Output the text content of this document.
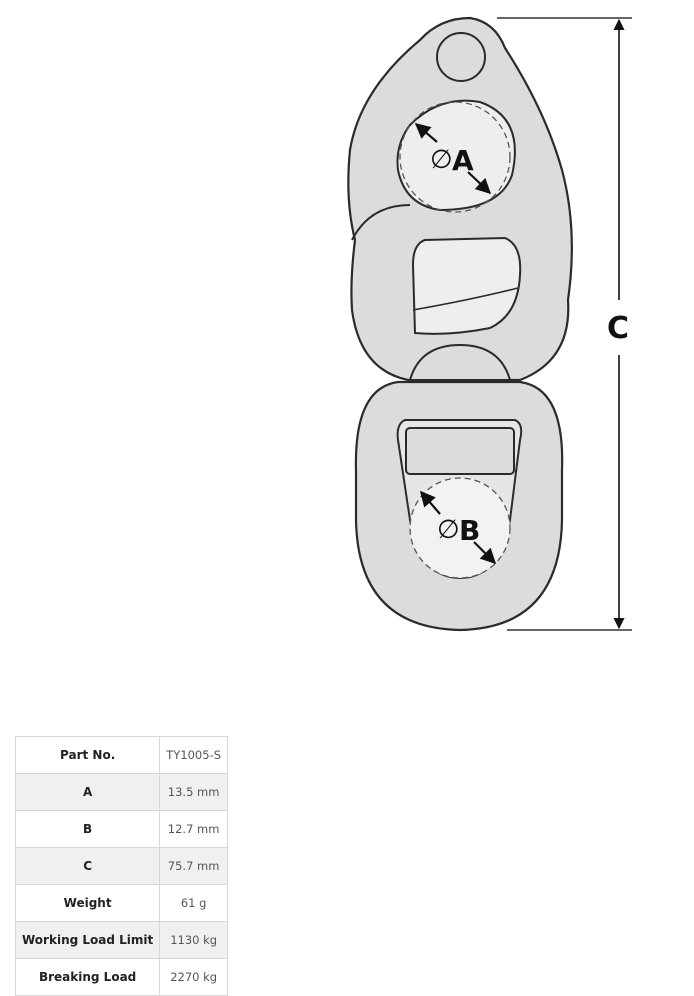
∅ A
∅ B
C
Part No.	TY1005-S
A	13.5 mm
B	12.7 mm
C	75.7 mm
Weight	61 g
Working Load Limit	1130 kg
Breaking Load	2270 kg
